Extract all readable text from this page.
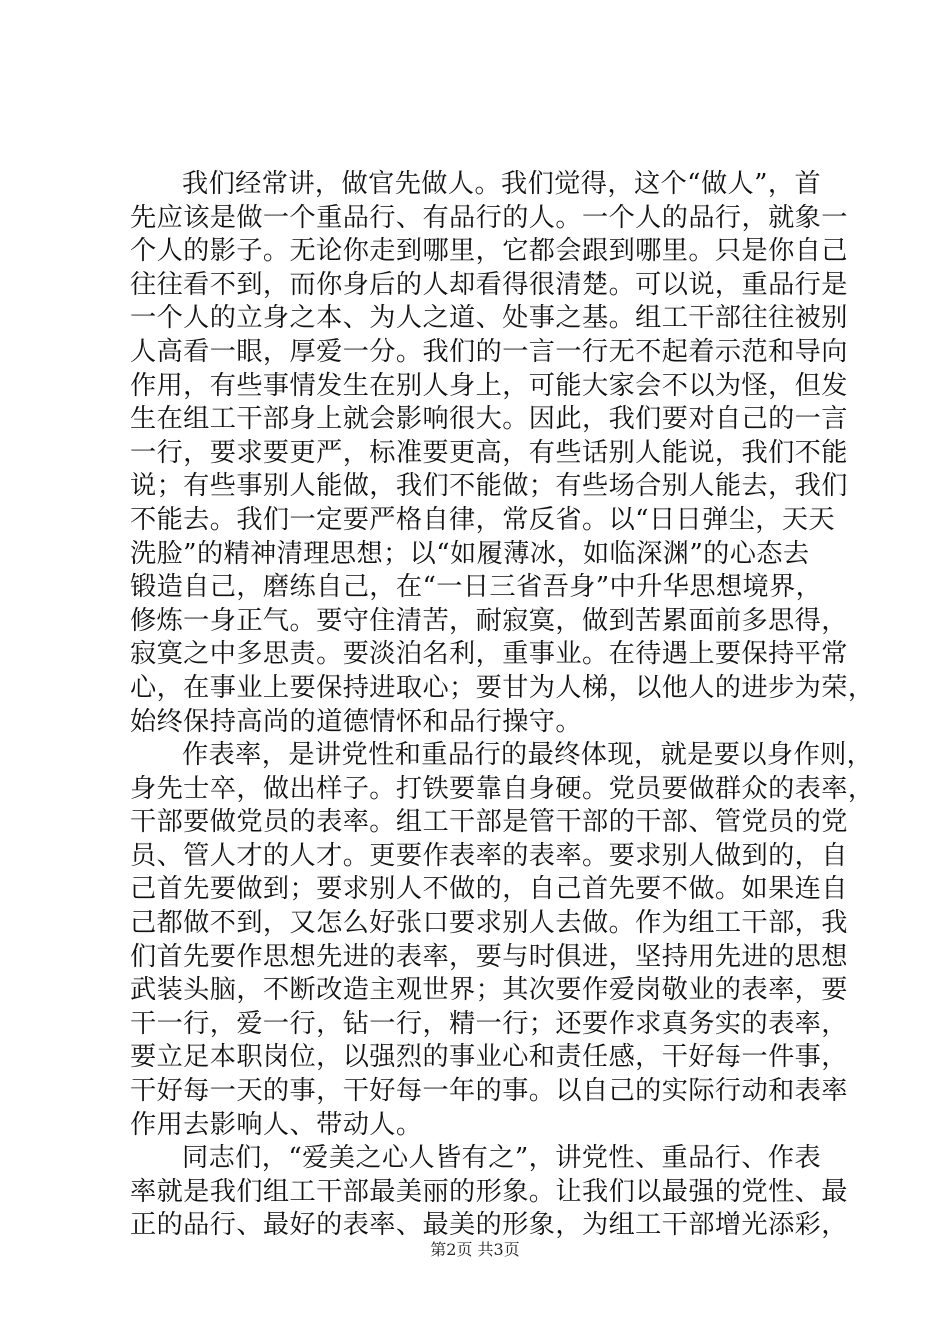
我们经常讲，做官先做人。我们觉得，这个“做人”，首
先应该是做一个重品行、有品行的人。一个人的品行，就象一
个人的影子。无论你走到哪里，它都会跟到哪里。只是你自己
往往看不到，而你身后的人却看得很清楚。可以说，重品行是
一个人的立身之本、为人之道、处事之基。组工干部往往被别
人高看一眼，厚爱一分。我们的一言一行无不起着示范和导向
作用，有些事情发生在别人身上，可能大家会不以为怪，但发
生在组工干部身上就会影响很大。因此，我们要对自己的一言
一行，要求要更严，标准要更高，有些话别人能说，我们不能
说；有些事别人能做，我们不能做；有些场合别人能去，我们
不能去。我们一定要严格自律，常反省。以“日日弹尘，天天
洗脸”的精神清理思想；以“如履薄冰，如临深渊”的心态去
锻造自己，磨练自己，在“一日三省吾身”中升华思想境界，
修炼一身正气。要守住清苦，耐寂寞，做到苦累面前多思得，
寂寞之中多思责。要淡泊名利，重事业。在待遇上要保持平常
心，在事业上要保持进取心；要甘为人梯，以他人的进步为荣，
始终保持高尚的道德情怀和品行操守。
作表率，是讲党性和重品行的最终体现，就是要以身作则，
身先士卒，做出样子。打铁要靠自身硬。党员要做群众的表率，
干部要做党员的表率。组工干部是管干部的干部、管党员的党
员、管人才的人才。更要作表率的表率。要求别人做到的，自
己首先要做到；要求别人不做的，自己首先要不做。如果连自
己都做不到，又怎么好张口要求别人去做。作为组工干部，我
们首先要作思想先进的表率，要与时俱进，坚持用先进的思想
武装头脑，不断改造主观世界；其次要作爱岗敬业的表率，要
干一行，爱一行，钻一行，精一行；还要作求真务实的表率，
要立足本职岗位，以强烈的事业心和责任感，干好每一件事，
干好每一天的事，干好每一年的事。以自己的实际行动和表率
作用去影响人、带动人。
同志们，“爱美之心人皆有之”，讲党性、重品行、作表
率就是我们组工干部最美丽的形象。让我们以最强的党性、最
正的品行、最好的表率、最美的形象，为组工干部增光添彩，
第2页 共3页
